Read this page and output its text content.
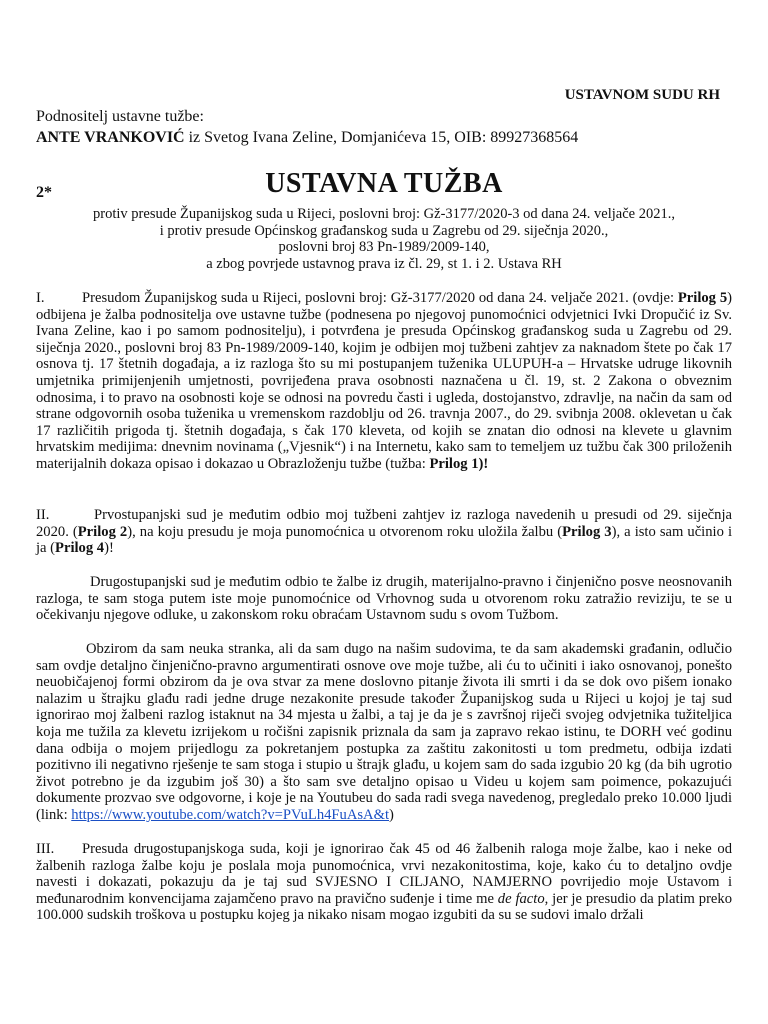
USTAVNOM SUDU RH
Podnositelj ustavne tužbe:
ANTE VRANKOVIĆ iz Svetog Ivana Zeline, Domjanićeva 15, OIB: 89927368564
2*	USTAVNA TUŽBA
protiv presude Županijskog suda u Rijeci, poslovni broj: Gž-3177/2020-3 od dana 24. veljače 2021.,
i protiv presude Općinskog građanskog suda u Zagrebu od 29. siječnja 2020.,
poslovni broj 83 Pn-1989/2009-140,
a zbog povrjede ustavnog prava iz čl. 29, st 1. i 2. Ustava RH
I.	Presudom Županijskog suda u Rijeci, poslovni broj: Gž-3177/2020 od dana 24. veljače 2021. (ovdje: Prilog 5) odbijena je žalba podnositelja ove ustavne tužbe (podnesena po njegovoj punomoćnici odvjetnici Ivki Dropučić iz Sv. Ivana Zeline, kao i po samom podnositelju), i potvrđena je presuda Općinskog građanskog suda u Zagrebu od 29. siječnja 2020., poslovni broj 83 Pn-1989/2009-140, kojim je odbijen moj tužbeni zahtjev za naknadom štete po čak 17 osnova tj. 17 štetnih događaja, a iz razloga što su mi postupanjem tuženika ULUPUH-a – Hrvatske udruge likovnih umjetnika primijenjenih umjetnosti, povrijeđena prava osobnosti naznačena u čl. 19, st. 2 Zakona o obveznim odnosima, i to pravo na osobnosti koje se odnosi na povredu časti i ugleda, dostojanstvo, zdravlje, na način da sam od strane odgovornih osoba tuženika u vremenskom razdoblju od 26. travnja 2007., do 29. svibnja 2008. oklevetan u čak 17 različitih prigoda tj. štetnih događaja, s čak 170 kleveta, od kojih se znatan dio odnosi na klevete u glavnim hrvatskim medijima: dnevnim novinama („Vjesnik“) i na Internetu, kako sam to temeljem uz tužbu čak 300 priloženih materijalnih dokaza opisao i dokazao u Obrazloženju tužbe (tužba: Prilog 1)!
II.	Prvostupanjski sud je međutim odbio moj tužbeni zahtjev iz razloga navedenih u presudi od 29. siječnja 2020. (Prilog 2), na koju presudu je moja punomoćnica u otvorenom roku uložila žalbu (Prilog 3), a isto sam učinio i ja (Prilog 4)!
Drugostupanjski sud je međutim odbio te žalbe iz drugih, materijalno-pravno i činjenično posve neosnovanih razloga, te sam stoga putem iste moje punomoćnice od Vrhovnog suda u otvorenom roku zatražio reviziju, te se u očekivanju njegove odluke, u zakonskom roku obraćam Ustavnom sudu s ovom Tužbom.
Obzirom da sam neuka stranka, ali da sam dugo na našim sudovima, te da sam akademski građanin, odlučio sam ovdje detaljno činjenično-pravno argumentirati osnove ove moje tužbe, ali ću to učiniti i iako osnovanoj, ponešto neuobičajenoj formi obzirom da je ova stvar za mene doslovno pitanje života ili smrti i da se dok ovo pišem ionako nalazim u štrajku glađu radi jedne druge nezakonite presude također Županijskog suda u Rijeci u kojoj je taj sud ignorirao moj žalbeni razlog istaknut na 34 mjesta u žalbi, a taj je da je s završnoj riječi svojeg odvjetnika tužiteljica koja me tužila za klevetu izrijekom u ročišni zapisnik priznala da sam ja zapravo rekao istinu, te DORH već godinu dana odbija o mojem prijedlogu za pokretanjem postupka za zaštitu zakonitosti u tom predmetu, odbija izdati pozitivno ili negativno rješenje te sam stoga i stupio u štrajk glađu, u kojem sam do sada izgubio 20 kg (da bih ugrotio život potrebno je da izgubim još 30) a što sam sve detaljno opisao u Videu u kojem sam poimence, pokazujući dokumente prozvao sve odgovorne, i koje je na Youtubeu do sada radi svega navedenog, pregledalo preko 10.000 ljudi (link: https://www.youtube.com/watch?v=PVuLh4FuAsA&t)
III. Presuda drugostupanjskoga suda, koji je ignorirao čak 45 od 46 žalbenih raloga moje žalbe, kao i neke od žalbenih razloga žalbe koju je poslala moja punomoćnica, vrvi nezakonitostima, koje, kako ću to detaljno ovdje navesti i dokazati, pokazuju da je taj sud SVJESNO I CILJANO, NAMJERNO povrijedio moje Ustavom i međunarodnim konvencijama zajamčeno pravo na pravično suđenje i time me de facto, jer je presudio da platim preko 100.000 sudskih troškova u postupku kojeg ja nikako nisam mogao izgubiti da su se sudovi imalo držali
